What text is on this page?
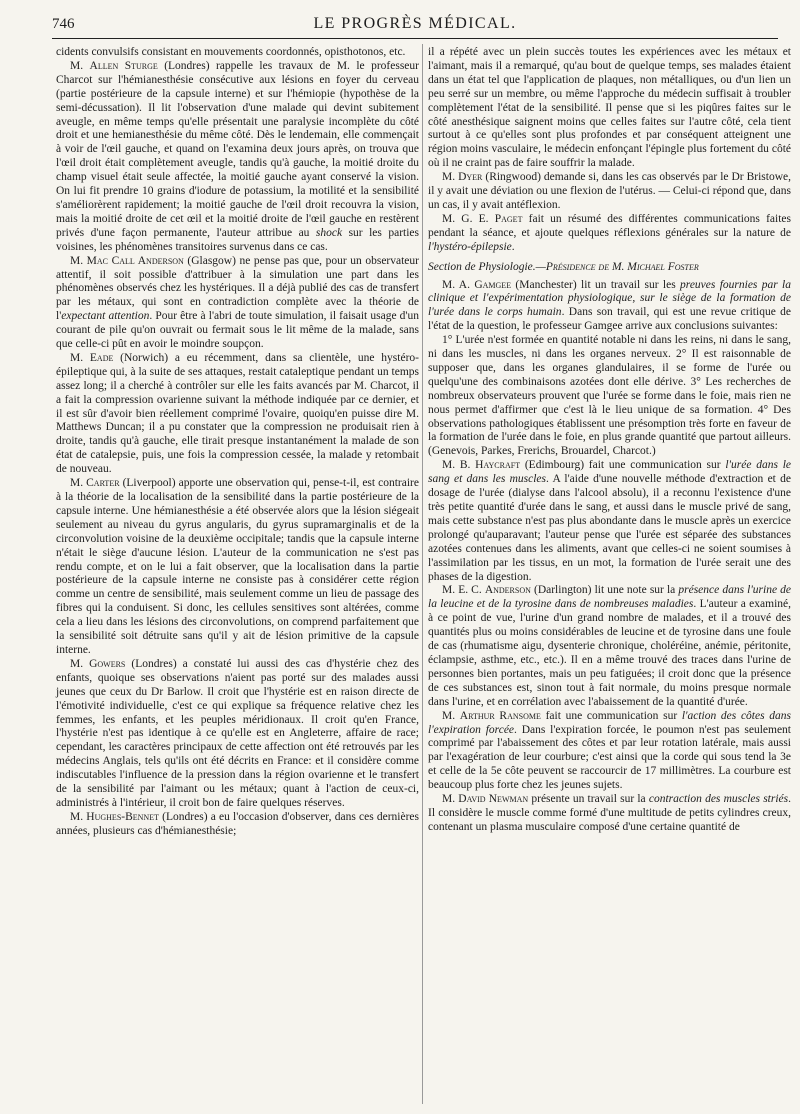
746	LE PROGRÈS MÉDICAL.

cidents convulsifs consistant en mouvements coordonnés, opisthotonos, etc.

M. Allen Sturge (Londres) rappelle les travaux de M. le professeur Charcot sur l'hémianesthésie consécutive aux lésions en foyer du cerveau (partie postérieure de la capsule interne) et sur l'hémiopie (hypothèse de la semi-décussation). Il lit l'observation d'une malade qui devint subitement aveugle, en même temps qu'elle présentait une paralysie incomplète du côté droit et une hemianesthésie du même côté. Dès le lendemain, elle commençait à voir de l'œil gauche, et quand on l'examina deux jours après, on trouva que l'œil droit était complètement aveugle, tandis qu'à gauche, la moitié droite du champ visuel était seule affectée, la moitié gauche ayant conservé la vision. On lui fit prendre 10 grains d'iodure de potassium, la motilité et la sensibilité s'améliorèrent rapidement; la moitié gauche de l'œil droit recouvra la vision, mais la moitié droite de cet œil et la moitié droite de l'œil gauche en restèrent privés d'une façon permanente, l'auteur attribue au shock sur les parties voisines, les phénomènes transitoires survenus dans ce cas.

M. Mac Call Anderson (Glasgow) ne pense pas que, pour un observateur attentif, il soit possible d'attribuer à la simulation une part dans les phénomènes observés chez les hystériques. Il a déjà publié des cas de transfert par les métaux, qui sont en contradiction complète avec la théorie de l'expectant attention. Pour être à l'abri de toute simulation, il faisait usage d'un courant de pile qu'on ouvrait ou fermait sous le lit même de la malade, sans que celle-ci pût en avoir le moindre soupçon.

M. Eade (Norwich) a eu récemment, dans sa clientèle, une hystéro-épileptique qui, à la suite de ses attaques, restait cataleptique pendant un temps assez long; il a cherché à contrôler sur elle les faits avancés par M. Charcot, il a fait la compression ovarienne suivant la méthode indiquée par ce dernier, et il est sûr d'avoir bien réellement comprimé l'ovaire, quoiqu'en puisse dire M. Matthews Duncan; il a pu constater que la compression ne produisait rien à droite, tandis qu'à gauche, elle tirait presque instantanément la malade de son état de catalepsie, puis, une fois la compression cessée, la malade y retombait de nouveau.

M. Carter (Liverpool) apporte une observation qui, pense-t-il, est contraire à la théorie de la localisation de la sensibilité dans la partie postérieure de la capsule interne. Une hémianesthésie a été observée alors que la lésion siégeait seulement au niveau du gyrus angularis, du gyrus supramarginalis et de la circonvolution voisine de la deuxième occipitale; tandis que la capsule interne n'était le siège d'aucune lésion. L'auteur de la communication ne s'est pas rendu compte, et on le lui a fait observer, que la localisation dans la partie postérieure de la capsule interne ne consiste pas à considérer cette région comme un centre de sensibilité, mais seulement comme un lieu de passage des fibres qui la conduisent. Si donc, les cellules sensitives sont altérées, comme cela a lieu dans les lésions des circonvolutions, on comprend parfaitement que la sensibilité soit détruite sans qu'il y ait de lésion primitive de la capsule interne.

M. Gowers (Londres) a constaté lui aussi des cas d'hystérie chez des enfants, quoique ses observations n'aient pas porté sur des malades aussi jeunes que ceux du Dr Barlow. Il croit que l'hystérie est en raison directe de l'émotivité individuelle, c'est ce qui explique sa fréquence relative chez les femmes, les enfants, et les peuples méridionaux. Il croit qu'en France, l'hystérie n'est pas identique à ce qu'elle est en Angleterre, affaire de race; cependant, les caractères principaux de cette affection ont été retrouvés par les médecins Anglais, tels qu'ils ont été décrits en France: et il considère comme indiscutables l'influence de la pression dans la région ovarienne et le transfert de la sensibilité par l'aimant ou les métaux; quant à l'action de ceux-ci, administrés à l'intérieur, il croit bon de faire quelques réserves.

M. Hughes-Bennet (Londres) a eu l'occasion d'observer, dans ces dernières années, plusieurs cas d'hémianesthésie;

il a répété avec un plein succès toutes les expériences avec les métaux et l'aimant, mais il a remarqué, qu'au bout de quelque temps, ses malades étaient dans un état tel que l'application de plaques, non métalliques, ou d'un lien un peu serré sur un membre, ou même l'approche du médecin suffisait à troubler complètement l'état de la sensibilité. Il pense que si les piqûres faites sur le côté anesthésique saignent moins que celles faites sur l'autre côté, cela tient surtout à ce qu'elles sont plus profondes et par conséquent atteignent une région moins vasculaire, le médecin enfonçant l'épingle plus fortement du côté où il ne craint pas de faire souffrir la malade.

M. Dyer (Ringwood) demande si, dans les cas observés par le Dr Bristowe, il y avait une déviation ou une flexion de l'utérus. — Celui-ci répond que, dans un cas, il y avait antéflexion.

M. G. E. Paget fait un résumé des différentes communications faites pendant la séance, et ajoute quelques réflexions générales sur la nature de l'hystéro-épilepsie.

Section de Physiologie.—Présidence de M. Michael Foster

M. A. Gamgee (Manchester) lit un travail sur les preuves fournies par la clinique et l'expérimentation physiologique, sur le siège de la formation de l'urée dans le corps humain. Dans son travail, qui est une revue critique de l'état de la question, le professeur Gamgee arrive aux conclusions suivantes:

1° L'urée n'est formée en quantité notable ni dans les reins, ni dans le sang, ni dans les muscles, ni dans les organes nerveux. 2° Il est raisonnable de supposer que, dans les organes glandulaires, il se forme de l'urée ou quelqu'une des combinaisons azotées dont elle dérive. 3° Les recherches de nombreux observateurs prouvent que l'urée se forme dans le foie, mais rien ne nous permet d'affirmer que c'est là le lieu unique de sa formation. 4° Des observations pathologiques établissent une présomption très forte en faveur de la formation de l'urée dans le foie, en plus grande quantité que partout ailleurs. (Genevois, Parkes, Frerichs, Brouardel, Charcot.)

M. B. Haycraft (Edimbourg) fait une communication sur l'urée dans le sang et dans les muscles. A l'aide d'une nouvelle méthode d'extraction et de dosage de l'urée (dialyse dans l'alcool absolu), il a reconnu l'existence d'une très petite quantité d'urée dans le sang, et aussi dans le muscle privé de sang, mais cette substance n'est pas plus abondante dans le muscle après un exercice prolongé qu'auparavant; l'auteur pense que l'urée est séparée des substances azotées contenues dans les aliments, avant que celles-ci ne soient soumises à l'assimilation par les tissus, en un mot, la formation de l'urée serait une des phases de la digestion.

M. E. C. Anderson (Darlington) lit une note sur la présence dans l'urine de la leucine et de la tyrosine dans de nombreuses maladies. L'auteur a examiné, à ce point de vue, l'urine d'un grand nombre de malades, et il a trouvé des quantités plus ou moins considérables de leucine et de tyrosine dans une foule de cas (rhumatisme aigu, dysenterie chronique, choléréine, anémie, péritonite, éclampsie, asthme, etc., etc.). Il en a même trouvé des traces dans l'urine de personnes bien portantes, mais un peu fatiguées; il croit donc que la présence de ces substances est, sinon tout à fait normale, du moins presque normale dans l'urine, et en corrélation avec l'abaissement de la quantité d'urée.

M. Arthur Ransome fait une communication sur l'action des côtes dans l'expiration forcée. Dans l'expiration forcée, le poumon n'est pas seulement comprimé par l'abaissement des côtes et par leur rotation latérale, mais aussi par l'exagération de leur courbure; c'est ainsi que la corde qui sous tend la 3e et celle de la 5e côte peuvent se raccourcir de 17 millimètres. La courbure est beaucoup plus forte chez les jeunes sujets.

M. David Newman présente un travail sur la contraction des muscles striés. Il considère le muscle comme formé d'une multitude de petits cylindres creux, contenant un plasma musculaire composé d'une certaine quantité de
